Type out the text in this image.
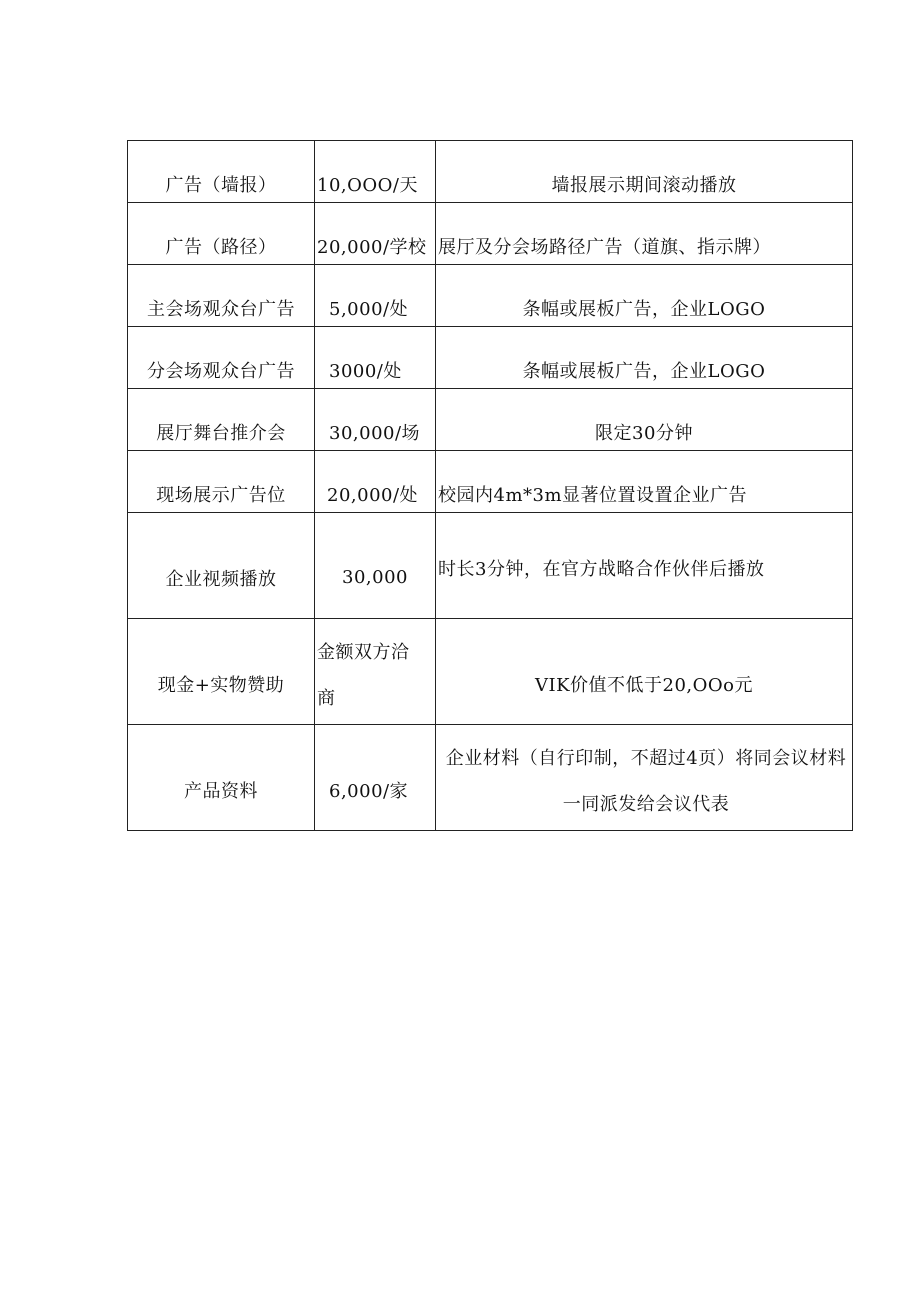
广告（墙报）	10,OOO/天	墙报展示期间滚动播放
广告（路径）	20,000/学校	展厅及分会场路径广告（道旗、指示牌）
主会场观众台广告	5,000/处	条幅或展板广告，企业LOGO
分会场观众台广告	3000/处	条幅或展板广告，企业LOGO
展厅舞台推介会	30,000/场	限定30分钟
现场展示广告位	20,000/处	校园内4m*3m显著位置设置企业广告
企业视频播放	30,000	时长3分钟，在官方战略合作伙伴后播放
现金+实物赞助	金额双方洽商	VIK价值不低于20,OOo元
产品资料	6,000/家	企业材料（自行印制，不超过4页）将同会议材料一同派发给会议代表
